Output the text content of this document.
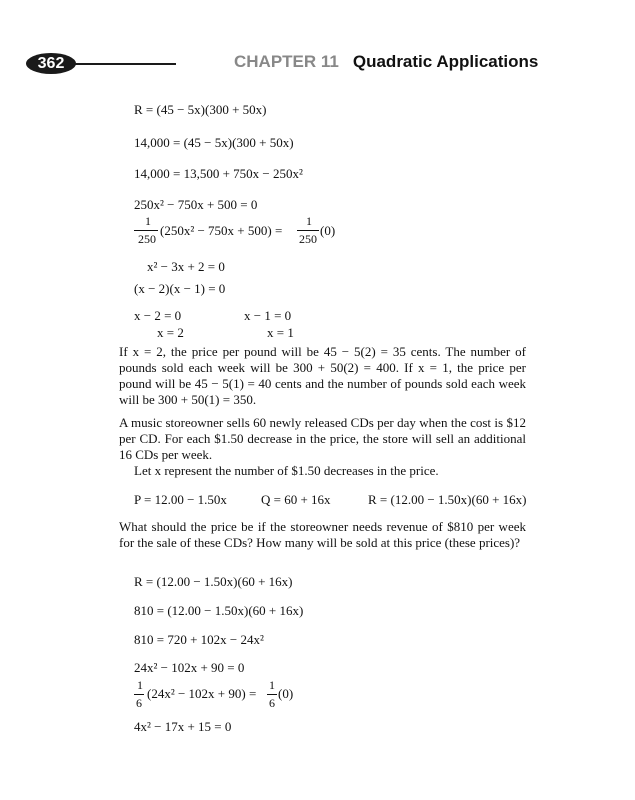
362	CHAPTER 11 Quadratic Applications
R = (45 − 5x)(300 + 50x)
14,000 = (45 − 5x)(300 + 50x)
14,000 = 13,500 + 750x − 250x²
250x² − 750x + 500 = 0
1
250
(250x² − 750x + 500) =
1
250
(0)
x² − 3x + 2 = 0
(x − 2)(x − 1) = 0
x − 2 = 0	x − 1 = 0
x = 2	x = 1
If x = 2, the price per pound will be 45 − 5(2) = 35 cents. The number of pounds sold each week will be 300 + 50(2) = 400. If x = 1, the price per pound will be 45 − 5(1) = 40 cents and the number of pounds sold each week will be 300 + 50(1) = 350.
A music storeowner sells 60 newly released CDs per day when the cost is $12 per CD. For each $1.50 decrease in the price, the store will sell an additional 16 CDs per week.
Let x represent the number of $1.50 decreases in the price.
P = 12.00 − 1.50x	Q = 60 + 16x	R = (12.00 − 1.50x)(60 + 16x)
What should the price be if the storeowner needs revenue of $810 per week for the sale of these CDs? How many will be sold at this price (these prices)?
R = (12.00 − 1.50x)(60 + 16x)
810 = (12.00 − 1.50x)(60 + 16x)
810 = 720 + 102x − 24x²
24x² − 102x + 90 = 0
1
6
(24x² − 102x + 90) =
1
6
(0)
4x² − 17x + 15 = 0
